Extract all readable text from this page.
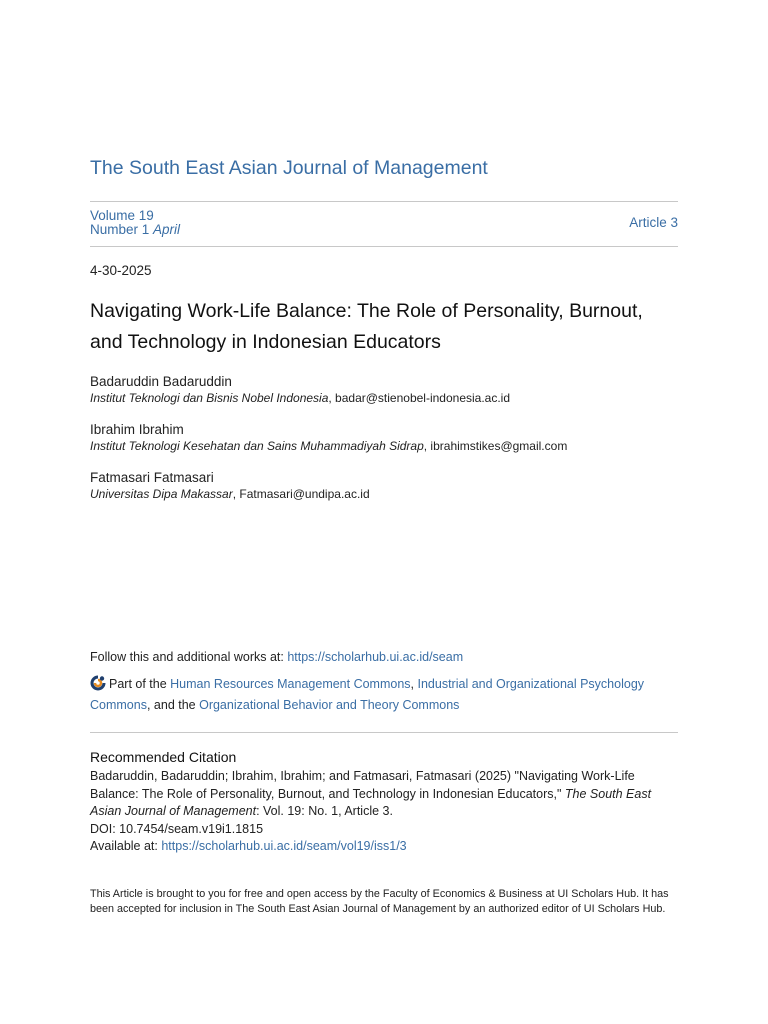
The South East Asian Journal of Management
Volume 19
Number 1 April	Article 3
4-30-2025
Navigating Work-Life Balance: The Role of Personality, Burnout, and Technology in Indonesian Educators
Badaruddin Badaruddin
Institut Teknologi dan Bisnis Nobel Indonesia, badar@stienobel-indonesia.ac.id
Ibrahim Ibrahim
Institut Teknologi Kesehatan dan Sains Muhammadiyah Sidrap, ibrahimstikes@gmail.com
Fatmasari Fatmasari
Universitas Dipa Makassar, Fatmasari@undipa.ac.id
Follow this and additional works at: https://scholarhub.ui.ac.id/seam
Part of the Human Resources Management Commons, Industrial and Organizational Psychology Commons, and the Organizational Behavior and Theory Commons
Recommended Citation
Badaruddin, Badaruddin; Ibrahim, Ibrahim; and Fatmasari, Fatmasari (2025) "Navigating Work-Life Balance: The Role of Personality, Burnout, and Technology in Indonesian Educators," The South East Asian Journal of Management: Vol. 19: No. 1, Article 3.
DOI: 10.7454/seam.v19i1.1815
Available at: https://scholarhub.ui.ac.id/seam/vol19/iss1/3
This Article is brought to you for free and open access by the Faculty of Economics & Business at UI Scholars Hub. It has been accepted for inclusion in The South East Asian Journal of Management by an authorized editor of UI Scholars Hub.
